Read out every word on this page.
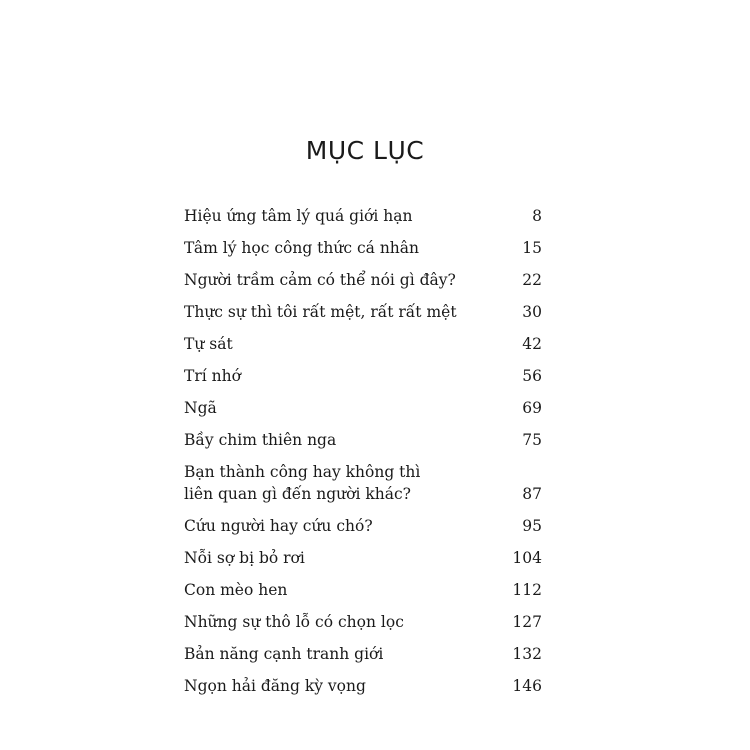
MỤC LỤC
Hiệu ứng tâm lý quá giới hạn	8
Tâm lý học công thức cá nhân	15
Người trầm cảm có thể nói gì đây?	22
Thực sự thì tôi rất mệt, rất rất mệt	30
Tự sát	42
Trí nhớ	56
Ngã	69
Bầy chim thiên nga	75
Bạn thành công hay không thì
liên quan gì đến người khác?	87
Cứu người hay cứu chó?	95
Nỗi sợ bị bỏ rơi	104
Con mèo hen	112
Những sự thô lỗ có chọn lọc	127
Bản năng cạnh tranh giới	132
Ngọn hải đăng kỳ vọng	146
